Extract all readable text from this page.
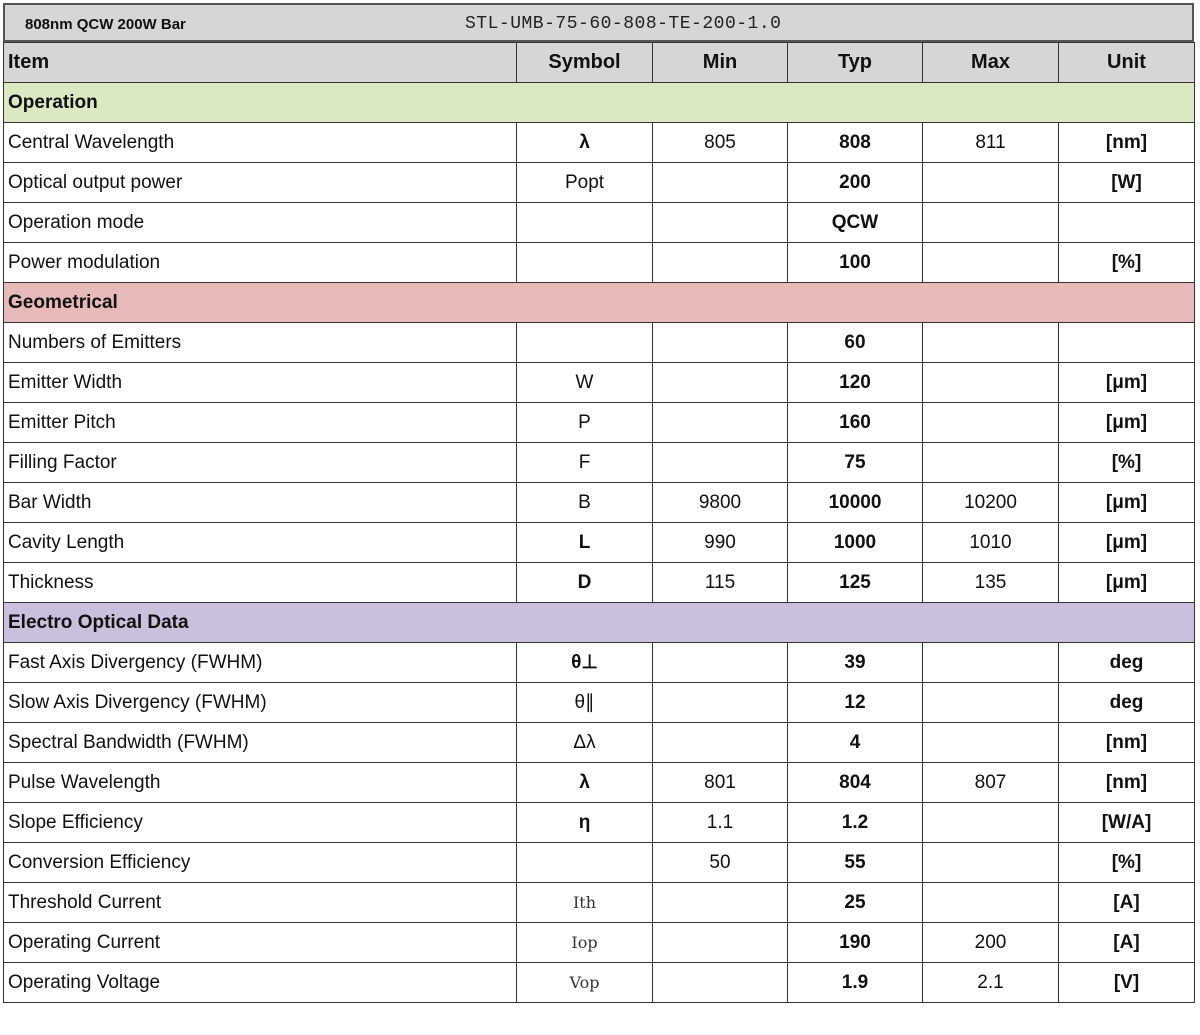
808nm QCW 200W Bar	STL-UMB-75-60-808-TE-200-1.0
Item	Symbol	Min	Typ	Max	Unit
Operation					
Central Wavelength	λ	805	808	811	[nm]
Optical output power	Popt		200		[W]
Operation mode			QCW		
Power modulation			100		[%]
Geometrical					
Numbers of Emitters			60		
Emitter Width	W		120		[μm]
Emitter Pitch	P		160		[μm]
Filling Factor	F		75		[%]
Bar Width	B	9800	10000	10200	[μm]
Cavity Length	L	990	1000	1010	[μm]
Thickness	D	115	125	135	[μm]
Electro Optical Data					
Fast Axis Divergency (FWHM)	θ⊥		39		deg
Slow Axis Divergency (FWHM)	θ∥		12		deg
Spectral Bandwidth (FWHM)	Δλ		4		[nm]
Pulse Wavelength	λ	801	804	807	[nm]
Slope Efficiency	η	1.1	1.2		[W/A]
Conversion Efficiency		50	55		[%]
Threshold Current	Ith		25		[A]
Operating Current	Iop		190	200	[A]
Operating Voltage	Vop		1.9	2.1	[V]
